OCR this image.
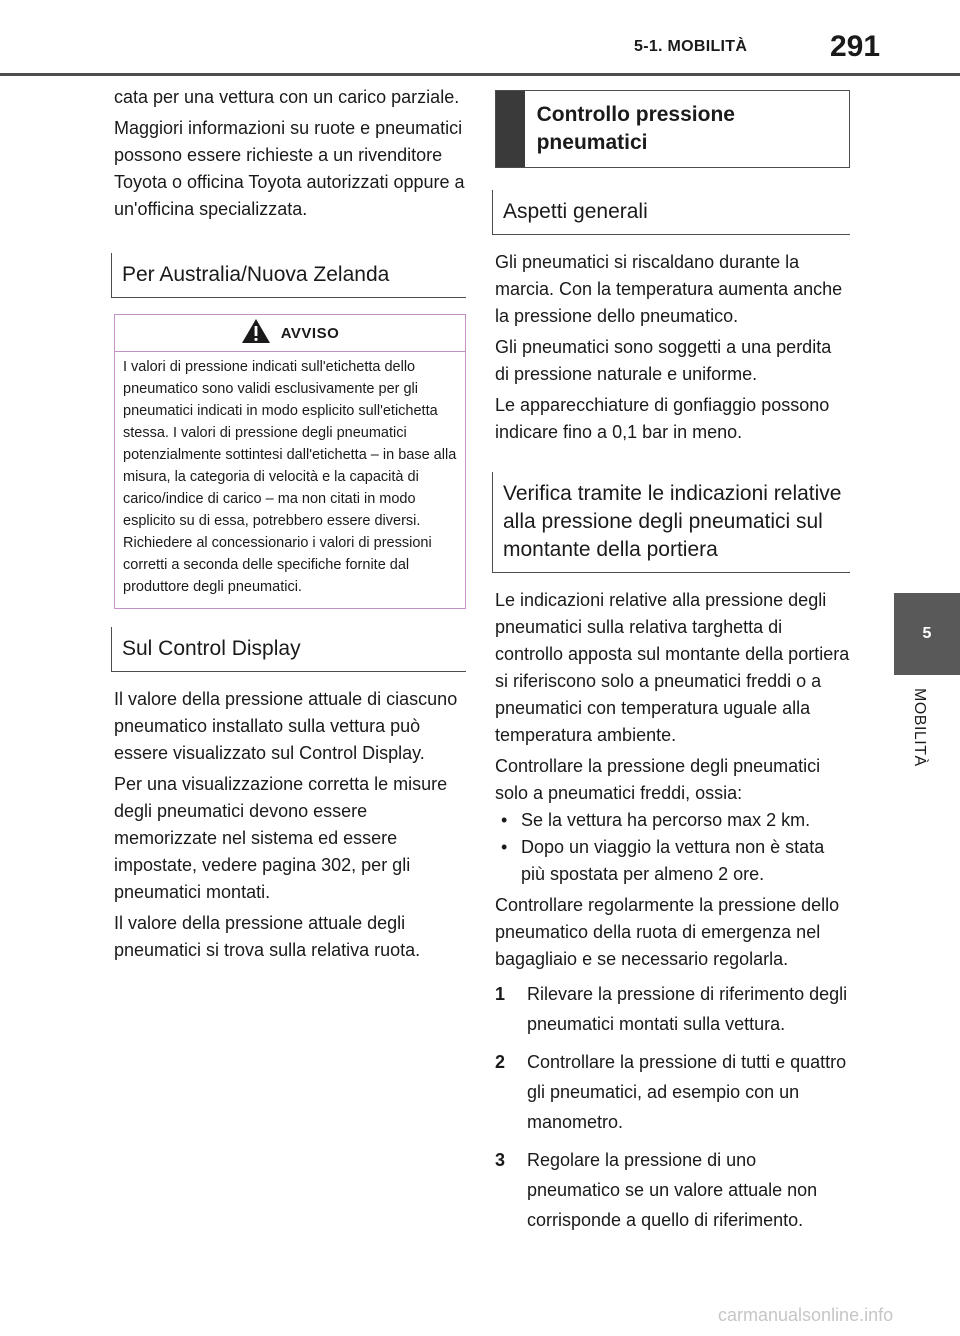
5-1. MOBILITÀ	291
5
MOBILITÀ

cata per una vettura con un carico parziale.

Maggiori informazioni su ruote e pneumatici possono essere richieste a un rivenditore Toyota o officina Toyota autorizzati oppure a un'officina specializzata.

Per Australia/Nuova Zelanda
AVVISO
I valori di pressione indicati sull'etichetta dello pneumatico sono validi esclusivamente per gli pneumatici indicati in modo esplicito sull'etichetta stessa. I valori di pressione degli pneumatici potenzialmente sottintesi dall'etichetta – in base alla misura, la categoria di velocità e la capacità di carico/indice di carico – ma non citati in modo esplicito su di essa, potrebbero essere diversi. Richiedere al concessionario i valori di pressioni corretti a seconda delle specifiche fornite dal produttore degli pneumatici.
Sul Control Display

Il valore della pressione attuale di ciascuno pneumatico installato sulla vettura può essere visualizzato sul Control Display.

Per una visualizzazione corretta le misure degli pneumatici devono essere memorizzate nel sistema ed essere impostate, vedere pagina 302, per gli pneumatici montati.

Il valore della pressione attuale degli pneumatici si trova sulla relativa ruota.

Controllo pressione pneumatici
Aspetti generali

Gli pneumatici si riscaldano durante la marcia. Con la temperatura aumenta anche la pressione dello pneumatico.

Gli pneumatici sono soggetti a una perdita di pressione naturale e uniforme.

Le apparecchiature di gonfiaggio possono indicare fino a 0,1 bar in meno.

Verifica tramite le indicazioni relative alla pressione degli pneumatici sul montante della portiera

Le indicazioni relative alla pressione degli pneumatici sulla relativa targhetta di controllo apposta sul montante della portiera si riferiscono solo a pneumatici freddi o a pneumatici con temperatura uguale alla temperatura ambiente.

Controllare la pressione degli pneumatici solo a pneumatici freddi, ossia:

• Se la vettura ha percorso max 2 km.
• Dopo un viaggio la vettura non è stata più spostata per almeno 2 ore.

Controllare regolarmente la pressione dello pneumatico della ruota di emergenza nel bagagliaio e se necessario regolarla.

1	Rilevare la pressione di riferimento degli pneumatici montati sulla vettura.
2	Controllare la pressione di tutti e quattro gli pneumatici, ad esempio con un manometro.
3	Regolare la pressione di uno pneumatico se un valore attuale non corrisponde a quello di riferimento.
carmanualsonline.info
